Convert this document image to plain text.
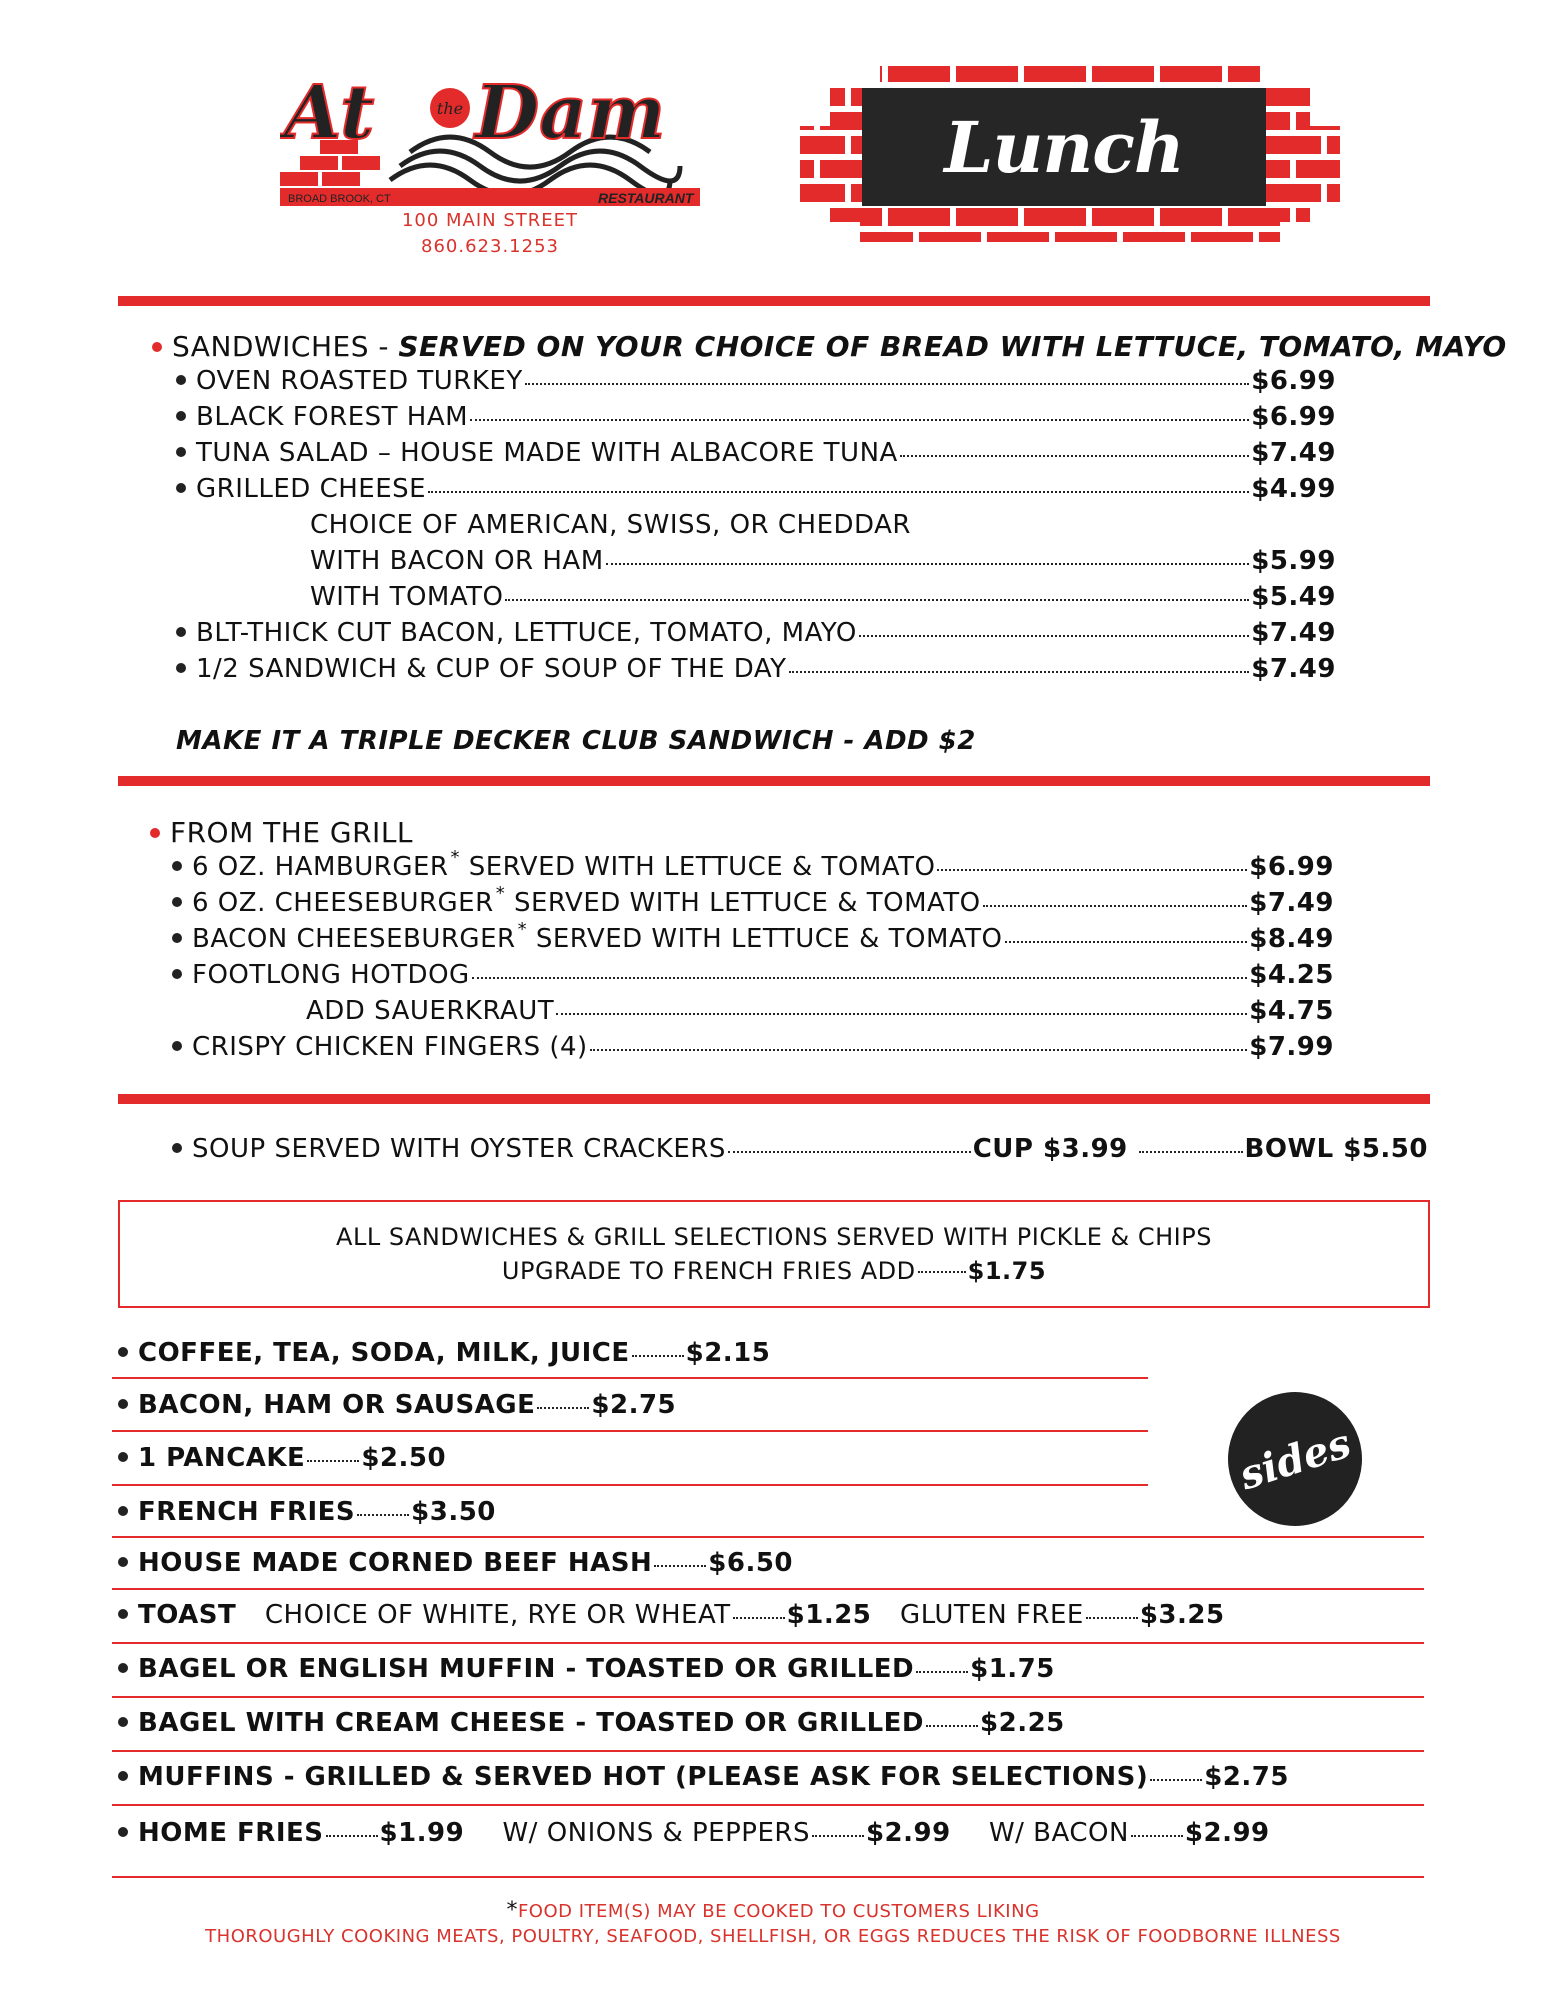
BROAD BROOK, CT	RESTAURANT
At	the Dam
100 MAIN STREET
860.623.1253
Lunch
SANDWICHES -
SERVED ON YOUR CHOICE OF BREAD WITH LETTUCE, TOMATO, MAYO
OVEN ROASTED TURKEY	$6.99
BLACK FOREST HAM	$6.99
TUNA SALAD – HOUSE MADE WITH ALBACORE TUNA	$7.49
GRILLED CHEESE	$4.99
CHOICE OF AMERICAN, SWISS, OR CHEDDAR
WITH BACON OR HAM	$5.99
WITH TOMATO	$5.49
BLT-THICK CUT BACON, LETTUCE, TOMATO, MAYO	$7.49
1/2 SANDWICH & CUP OF SOUP OF THE DAY	$7.49
MAKE IT A TRIPLE DECKER CLUB SANDWICH - ADD $2
FROM THE GRILL
6 OZ. HAMBURGER *
SERVED WITH LETTUCE & TOMATO	$6.99
6 OZ. CHEESEBURGER *
SERVED WITH LETTUCE & TOMATO	$7.49
BACON CHEESEBURGER *
SERVED WITH LETTUCE & TOMATO	$8.49
FOOTLONG HOTDOG	$4.25
ADD SAUERKRAUT	$4.75
CRISPY CHICKEN FINGERS (4)	$7.99
SOUP SERVED WITH OYSTER CRACKERS	CUP $3.99
	BOWL $5.50
ALL SANDWICHES & GRILL SELECTIONS SERVED WITH PICKLE & CHIPS
UPGRADE TO FRENCH FRIES ADD $1.75
COFFEE, TEA, SODA, MILK, JUICE $2.15
BACON, HAM OR SAUSAGE $2.75
1 PANCAKE $2.50	sides
FRENCH FRIES $3.50
HOUSE MADE CORNED BEEF HASH $6.50
TOAST
CHOICE OF WHITE, RYE OR WHEAT $1.25
GLUTEN FREE $3.25
BAGEL OR ENGLISH MUFFIN - TOASTED OR GRILLED $1.75
BAGEL WITH CREAM CHEESE - TOASTED OR GRILLED $2.25
MUFFINS - GRILLED & SERVED HOT (PLEASE ASK FOR SELECTIONS) $2.75
HOME FRIES $1.99
W/ ONIONS & PEPPERS $2.99
W/ BACON $2.99
*FOOD ITEM(S) MAY BE COOKED TO CUSTOMERS LIKING
THOROUGHLY COOKING MEATS, POULTRY, SEAFOOD, SHELLFISH, OR EGGS REDUCES THE RISK OF FOODBORNE ILLNESS
